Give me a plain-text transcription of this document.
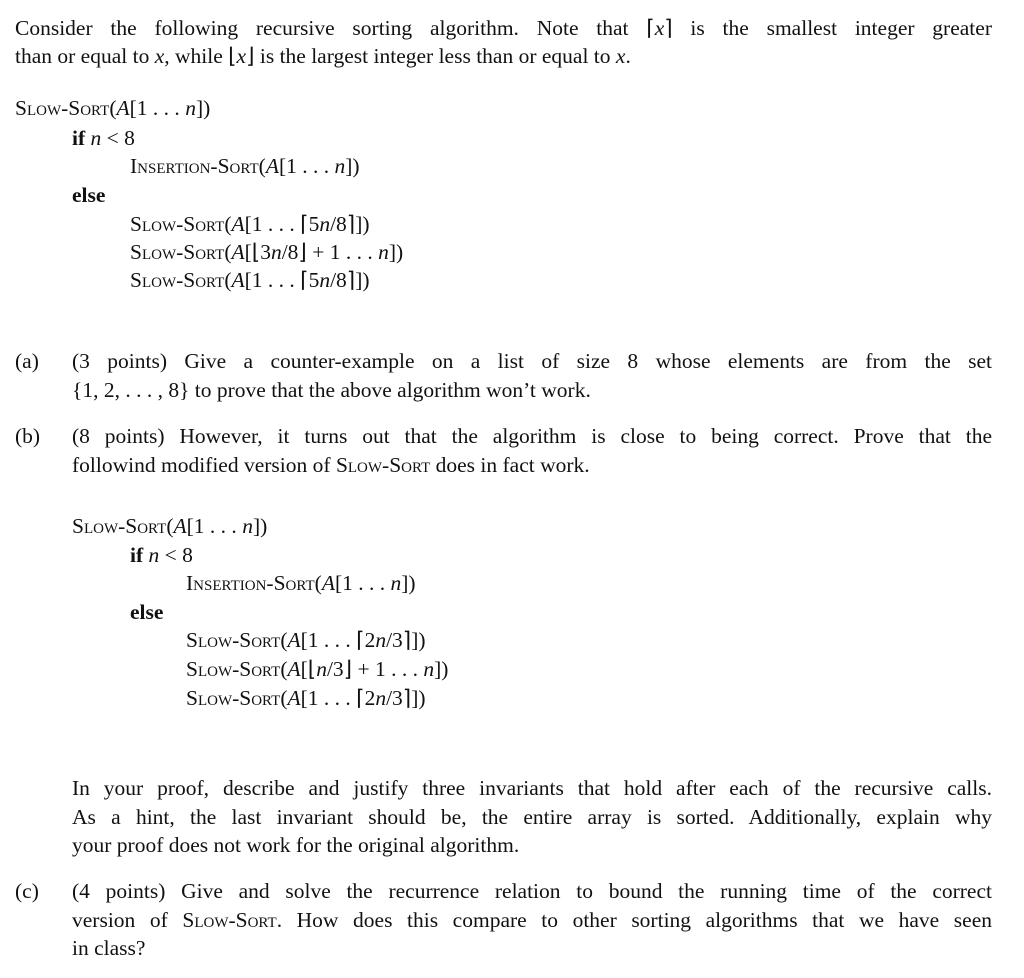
Consider the following recursive sorting algorithm. Note that ⌈x⌉ is the smallest integer greater
than or equal to x, while ⌊x⌋ is the largest integer less than or equal to x.
Slow-Sort(A[1 . . . n])
if n < 8
Insertion-Sort(A[1 . . . n])
else
Slow-Sort(A[1 . . . ⌈5n/8⌉])
Slow-Sort(A[⌊3n/8⌋ + 1 . . . n])
Slow-Sort(A[1 . . . ⌈5n/8⌉])
(3 points) Give a counter-example on a list of size 8 whose elements are from the set
{1, 2, . . . , 8} to prove that the above algorithm won’t work.
(8 points) However, it turns out that the algorithm is close to being correct. Prove that the
followind modified version of Slow-Sort does in fact work.
Slow-Sort(A[1 . . . n])
if n < 8
Insertion-Sort(A[1 . . . n])
else
Slow-Sort(A[1 . . . ⌈2n/3⌉])
Slow-Sort(A[⌊n/3⌋ + 1 . . . n])
Slow-Sort(A[1 . . . ⌈2n/3⌉])
In your proof, describe and justify three invariants that hold after each of the recursive calls.
As a hint, the last invariant should be, the entire array is sorted. Additionally, explain why
your proof does not work for the original algorithm.
(4 points) Give and solve the recurrence relation to bound the running time of the correct
version of Slow-Sort. How does this compare to other sorting algorithms that we have seen
in class?
(a)
(b)
(c)
